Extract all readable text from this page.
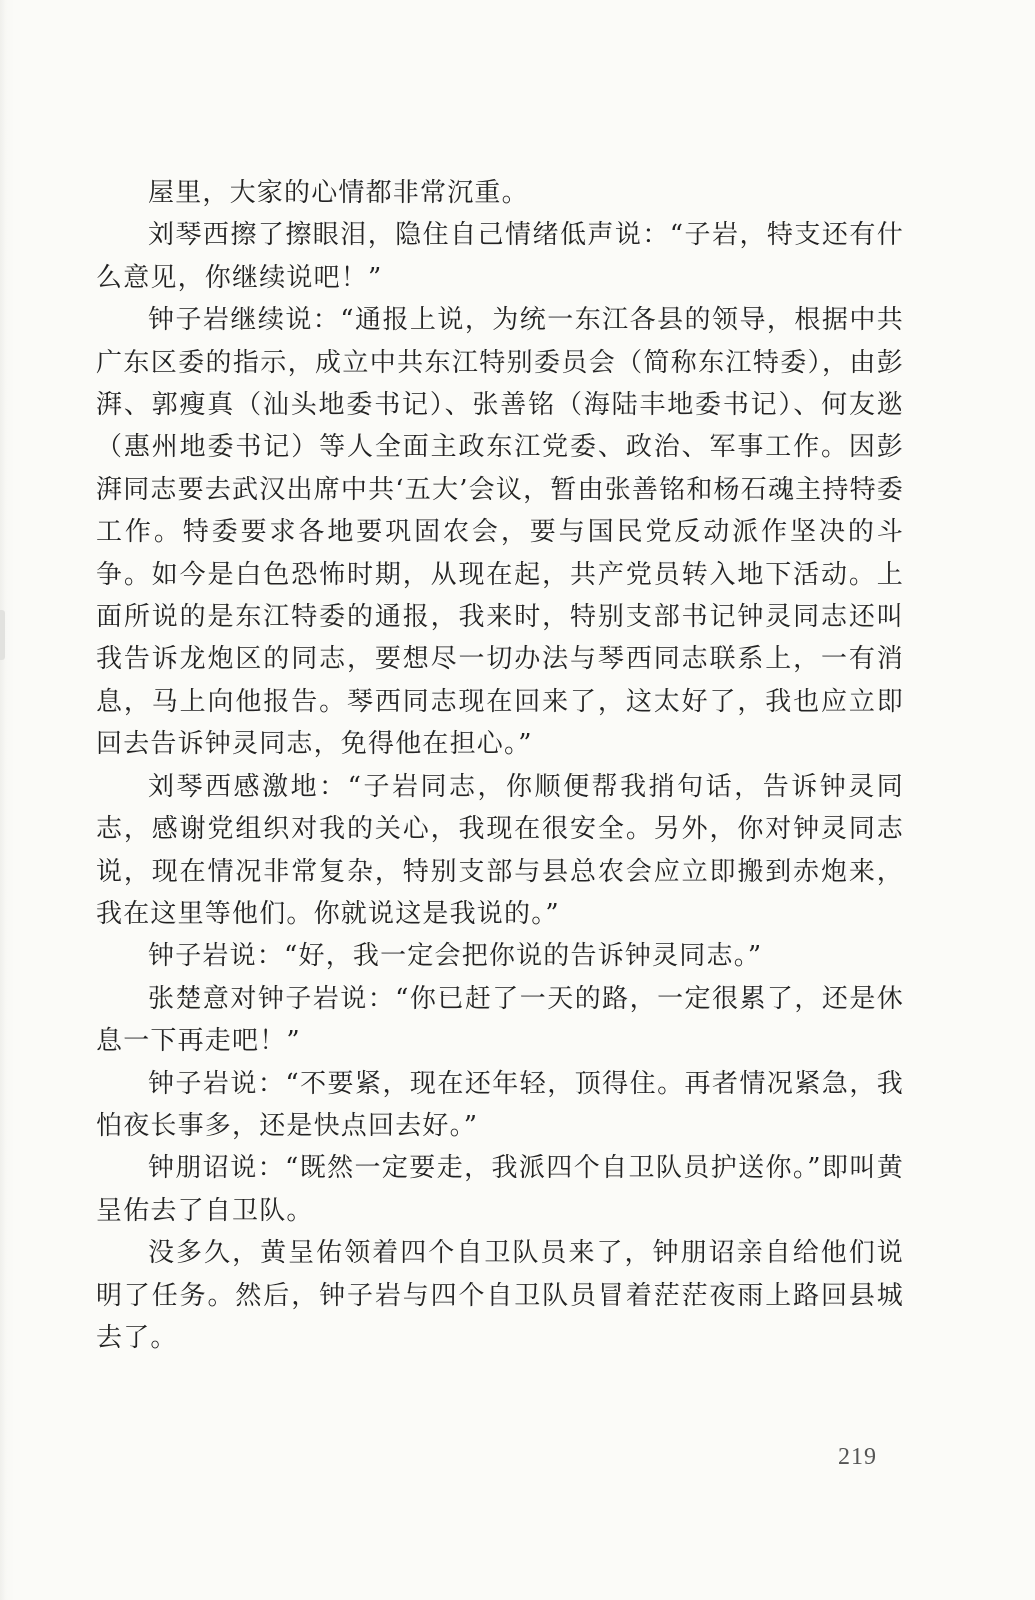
屋里，大家的心情都非常沉重。

刘琴西擦了擦眼泪，隐住自己情绪低声说：“子岩，特支还有什么意见，你继续说吧！”

钟子岩继续说：“通报上说，为统一东江各县的领导，根据中共广东区委的指示，成立中共东江特别委员会（简称东江特委），由彭湃、郭瘦真（汕头地委书记）、张善铭（海陆丰地委书记）、何友逖（惠州地委书记）等人全面主政东江党委、政治、军事工作。因彭湃同志要去武汉出席中共‘五大’会议，暂由张善铭和杨石魂主持特委工作。特委要求各地要巩固农会，要与国民党反动派作坚决的斗争。如今是白色恐怖时期，从现在起，共产党员转入地下活动。上面所说的是东江特委的通报，我来时，特别支部书记钟灵同志还叫我告诉龙炮区的同志，要想尽一切办法与琴西同志联系上，一有消息，马上向他报告。琴西同志现在回来了，这太好了，我也应立即回去告诉钟灵同志，免得他在担心。”

刘琴西感激地：“子岩同志，你顺便帮我捎句话，告诉钟灵同志，感谢党组织对我的关心，我现在很安全。另外，你对钟灵同志说，现在情况非常复杂，特别支部与县总农会应立即搬到赤炮来，我在这里等他们。你就说这是我说的。”

钟子岩说：“好，我一定会把你说的告诉钟灵同志。”

张楚意对钟子岩说：“你已赶了一天的路，一定很累了，还是休息一下再走吧！”

钟子岩说：“不要紧，现在还年轻，顶得住。再者情况紧急，我怕夜长事多，还是快点回去好。”

钟朋诏说：“既然一定要走，我派四个自卫队员护送你。”即叫黄呈佑去了自卫队。

没多久，黄呈佑领着四个自卫队员来了，钟朋诏亲自给他们说明了任务。然后，钟子岩与四个自卫队员冒着茫茫夜雨上路回县城去了。

219
